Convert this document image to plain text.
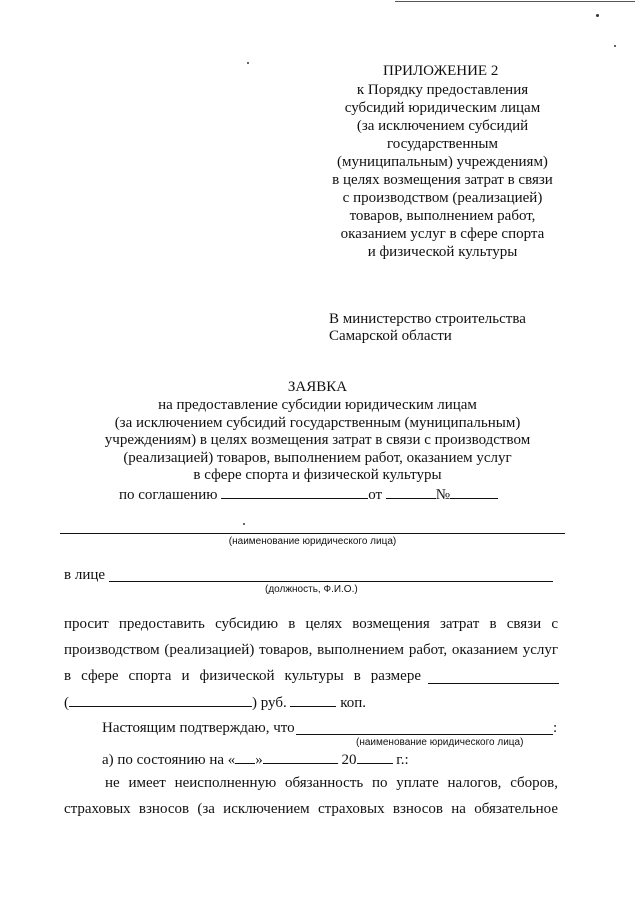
ПРИЛОЖЕНИЕ 2
к Порядку предоставления
субсидий юридическим лицам
(за исключением субсидий
государственным
(муниципальным) учреждениям)
в целях возмещения затрат в связи
с производством (реализацией)
товаров, выполнением работ,
оказанием услуг в сфере спорта
и физической культуры
В министерство строительства
Самарской области
ЗАЯВКА
на предоставление субсидии юридическим лицам
(за исключением субсидий государственным (муниципальным)
учреждениям) в целях возмещения затрат в связи с производством
(реализацией) товаров, выполнением работ, оказанием услуг
в сфере спорта и физической культуры
по соглашению	от	№
(наименование юридического лица)
в лице
(должность, Ф.И.О.)
просит предоставить субсидию в целях возмещения затрат в связи с
производством (реализацией) товаров, выполнением работ, оказанием услуг
в сфере спорта и физической культуры в размере
(	) руб.	коп.
Настоящим подтверждаю, что	:
(наименование юридического лица)
а) по состоянию на « »	20	г.:
не имеет неисполненную обязанность по уплате налогов, сборов,
страховых взносов (за исключением страховых взносов на обязательное
